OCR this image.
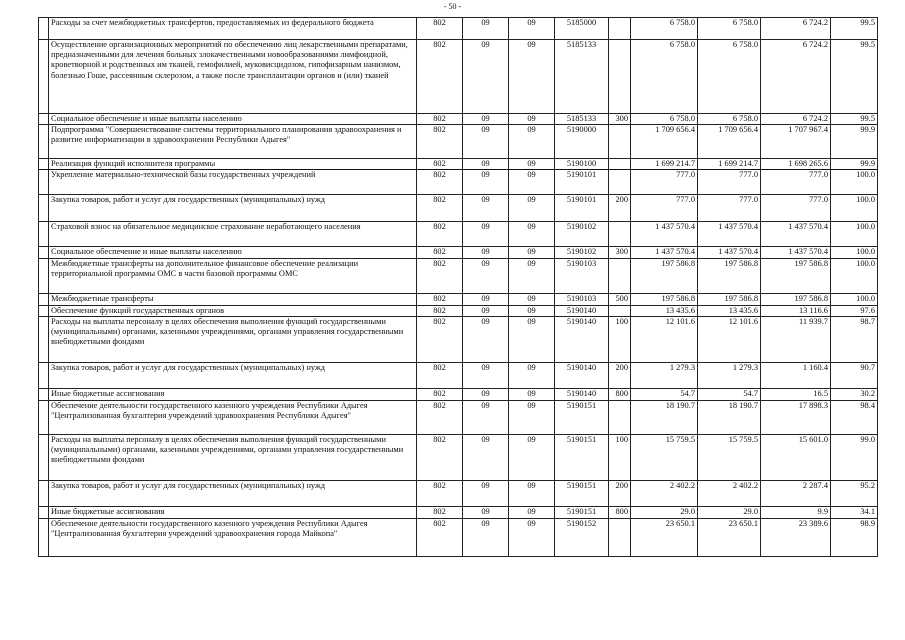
- 50 -
	Расходы за счет межбюджетных трансфертов, предоставляемых из федерального бюджета	802	09	09	5185000		6 758.0	6 758.0	6 724.2	99.5
	Осуществление организационных мероприятий по обеспечению лиц лекарственными препаратами, предназначенными для лечения больных злокачественными новообразованиями лимфоидной, кроветворной и родственных им тканей, гемофилией, муковисцидозом, гипофизарным нанизмом, болезнью Гоше, рассеянным склерозом, а также после трансплантации органов и (или) тканей	802	09	09	5185133		6 758.0	6 758.0	6 724.2	99.5
	Социальное обеспечение и иные выплаты населению	802	09	09	5185133	300	6 758.0	6 758.0	6 724.2	99.5
	Подпрограмма "Совершенствование системы территориального планирования здравоохранения и развитие информатизации в здравоохранении Республики Адыгея"	802	09	09	5190000		1 709 656.4	1 709 656.4	1 707 967.4	99.9
	Реализация функций исполнителя программы	802	09	09	5190100		1 699 214.7	1 699 214.7	1 698 265.6	99.9
	Укрепление материально-технической базы государственных учреждений	802	09	09	5190101		777.0	777.0	777.0	100.0
	Закупка товаров, работ и услуг для государственных (муниципальных) нужд	802	09	09	5190101	200	777.0	777.0	777.0	100.0
	Страховой взнос на обязательное медицинское страхование неработающего населения	802	09	09	5190102		1 437 570.4	1 437 570.4	1 437 570.4	100.0
	Социальное обеспечение и иные выплаты населению	802	09	09	5190102	300	1 437 570.4	1 437 570.4	1 437 570.4	100.0
	Межбюджетные трансферты на дополнительное финансовое обеспечение реализации территориальной программы ОМС в части базовой программы ОМС	802	09	09	5190103		197 586.8	197 586.8	197 586.8	100.0
	Межбюджетные трансферты	802	09	09	5190103	500	197 586.8	197 586.8	197 586.8	100.0
	Обеспечение функций государственных органов	802	09	09	5190140		13 435.6	13 435.6	13 116.6	97.6
	Расходы на выплаты персоналу в целях обеспечения выполнения функций государственными (муниципальными) органами, казенными учреждениями, органами управления государственными внебюджетными фондами	802	09	09	5190140	100	12 101.6	12 101.6	11 939.7	98.7
	Закупка товаров, работ и услуг для государственных (муниципальных) нужд	802	09	09	5190140	200	1 279.3	1 279.3	1 160.4	90.7
	Иные бюджетные ассигнования	802	09	09	5190140	800	54.7	54.7	16.5	30.2
	Обеспечение деятельности государственного казенного учреждения Республики Адыгея "Централизованная бухгалтерия учреждений здравоохранения Республики Адыгея"	802	09	09	5190151		18 190.7	18 190.7	17 898.3	98.4
	Расходы на выплаты персоналу в целях обеспечения выполнения функций государственными (муниципальными) органами, казенными учреждениями, органами управления государственными внебюджетными фондами	802	09	09	5190151	100	15 759.5	15 759.5	15 601.0	99.0
	Закупка товаров, работ и услуг для государственных (муниципальных) нужд	802	09	09	5190151	200	2 402.2	2 402.2	2 287.4	95.2
	Иные бюджетные ассигнования	802	09	09	5190151	800	29.0	29.0	9.9	34.1
	Обеспечение деятельности государственного казенного учреждения Республики Адыгея "Централизованная бухгалтерия учреждений здравоохранения города Майкопа"	802	09	09	5190152		23 650.1	23 650.1	23 389.6	98.9
